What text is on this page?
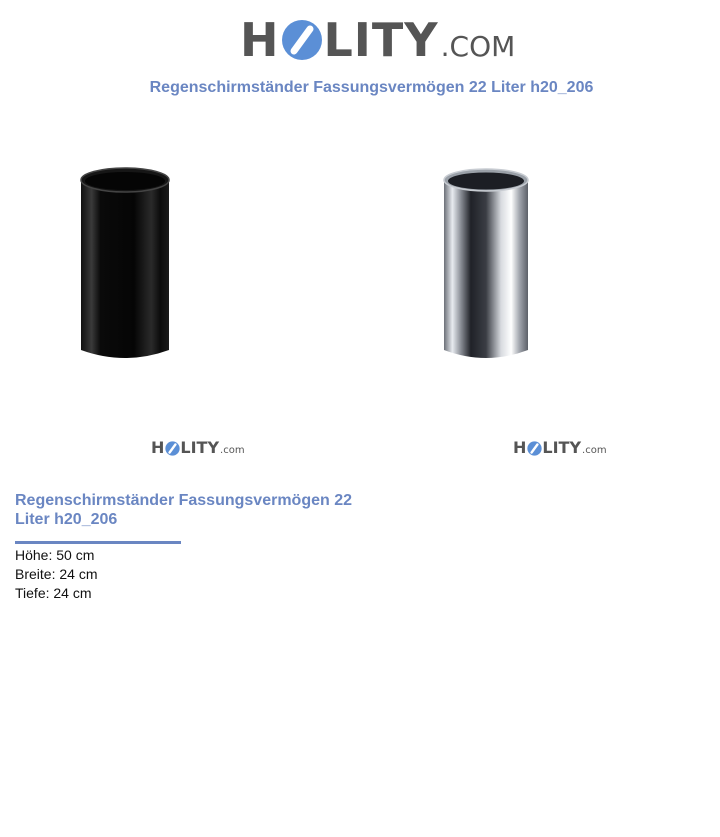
H LITY .COM
Regenschirmständer Fassungsvermögen 22 Liter h20_206
H LITY .com	H LITY .com
Regenschirmständer Fassungsvermögen 22 Liter h20_206
Höhe: 50 cm
Breite: 24 cm
Tiefe: 24 cm
